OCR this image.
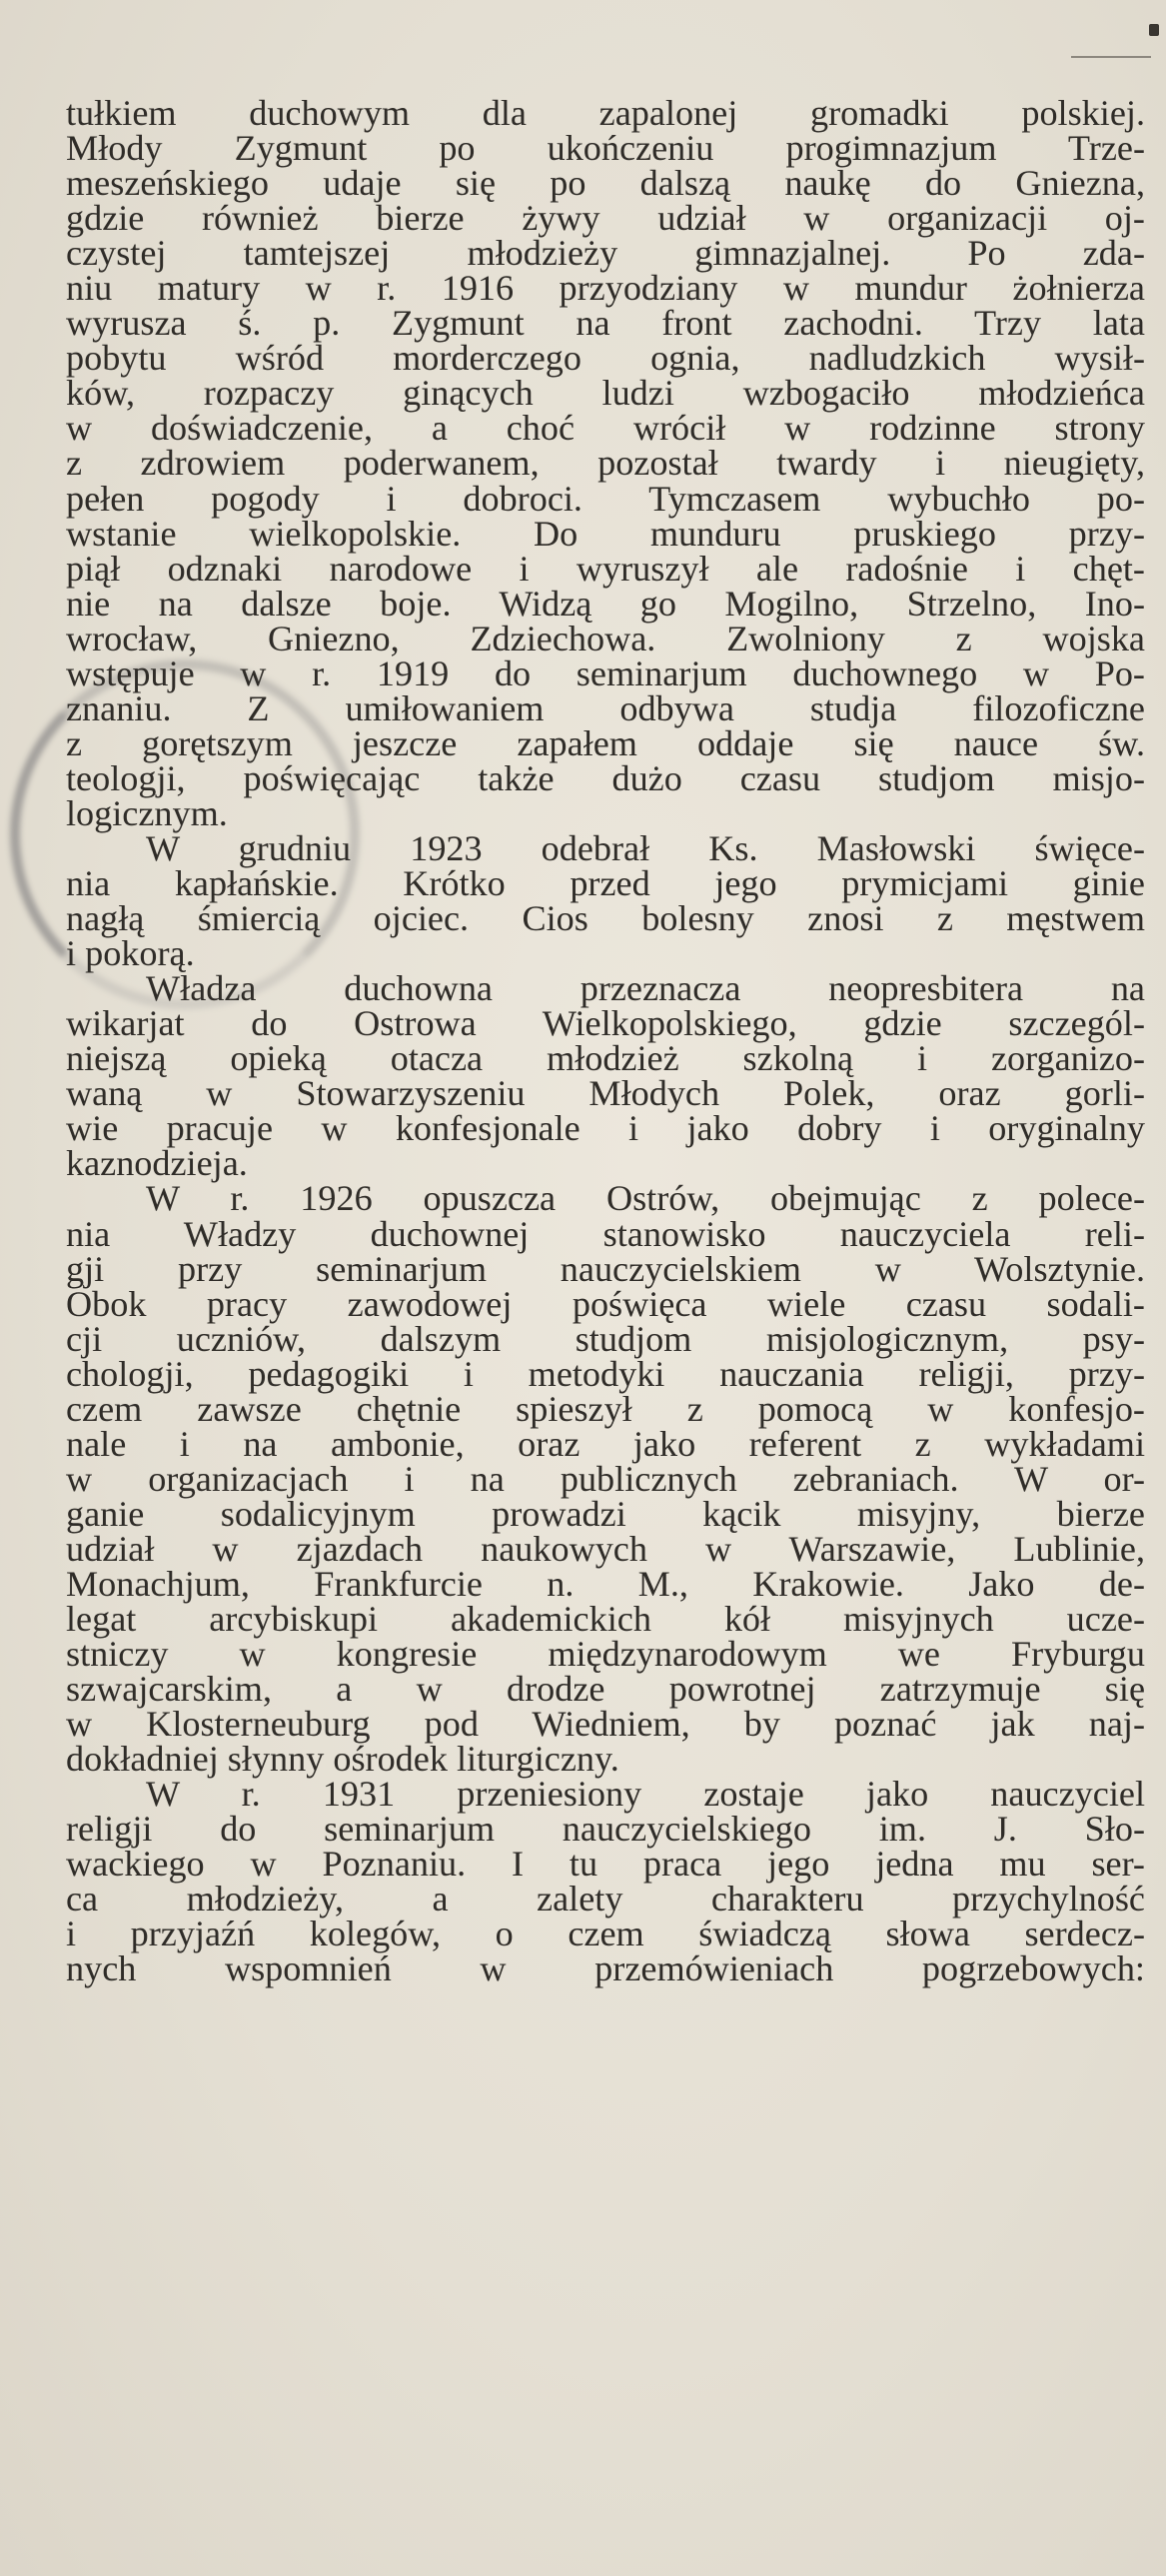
tułkiem duchowym dla zapalonej gromadki polskiej.
Młody Zygmunt po ukończeniu progimnazjum Trze-
meszeńskiego udaje się po dalszą naukę do Gniezna,
gdzie również bierze żywy udział w organizacji oj-
czystej tamtejszej młodzieży gimnazjalnej. Po zda-
niu matury w r. 1916 przyodziany w mundur żołnierza
wyrusza ś. p. Zygmunt na front zachodni. Trzy lata
pobytu wśród morderczego ognia, nadludzkich wysił-
ków, rozpaczy ginących ludzi wzbogaciło młodzieńca
w doświadczenie, a choć wrócił w rodzinne strony
z zdrowiem poderwanem, pozostał twardy i nieugięty,
pełen pogody i dobroci. Tymczasem wybuchło po-
wstanie wielkopolskie. Do munduru pruskiego przy-
piął odznaki narodowe i wyruszył ale radośnie i chęt-
nie na dalsze boje. Widzą go Mogilno, Strzelno, Ino-
wrocław, Gniezno, Zdziechowa. Zwolniony z wojska
wstępuje w r. 1919 do seminarjum duchownego w Po-
znaniu. Z umiłowaniem odbywa studja filozoficzne
z gorętszym jeszcze zapałem oddaje się nauce św.
teologji, poświęcając także dużo czasu studjom misjo-
logicznym.
W grudniu 1923 odebrał Ks. Masłowski święce-
nia kapłańskie. Krótko przed jego prymicjami ginie
nagłą śmiercią ojciec. Cios bolesny znosi z męstwem
i pokorą.
Władza duchowna przeznacza neopresbitera na
wikarjat do Ostrowa Wielkopolskiego, gdzie szczegól-
niejszą opieką otacza młodzież szkolną i zorganizo-
waną w Stowarzyszeniu Młodych Polek, oraz gorli-
wie pracuje w konfesjonale i jako dobry i oryginalny
kaznodzieja.
W r. 1926 opuszcza Ostrów, obejmując z polece-
nia Władzy duchownej stanowisko nauczyciela reli-
gji przy seminarjum nauczycielskiem w Wolsztynie.
Obok pracy zawodowej poświęca wiele czasu sodali-
cji uczniów, dalszym studjom misjologicznym, psy-
chologji, pedagogiki i metodyki nauczania religji, przy-
czem zawsze chętnie spieszył z pomocą w konfesjo-
nale i na ambonie, oraz jako referent z wykładami
w organizacjach i na publicznych zebraniach. W or-
ganie sodalicyjnym prowadzi kącik misyjny, bierze
udział w zjazdach naukowych w Warszawie, Lublinie,
Monachjum, Frankfurcie n. M., Krakowie. Jako de-
legat arcybiskupi akademickich kół misyjnych ucze-
stniczy w kongresie międzynarodowym we Fryburgu
szwajcarskim, a w drodze powrotnej zatrzymuje się
w Klosterneuburg pod Wiedniem, by poznać jak naj-
dokładniej słynny ośrodek liturgiczny.
W r. 1931 przeniesiony zostaje jako nauczyciel
religji do seminarjum nauczycielskiego im. J. Sło-
wackiego w Poznaniu. I tu praca jego jedna mu ser-
ca młodzieży, a zalety charakteru przychylność
i przyjaźń kolegów, o czem świadczą słowa serdecz-
nych wspomnień w przemówieniach pogrzebowych:
